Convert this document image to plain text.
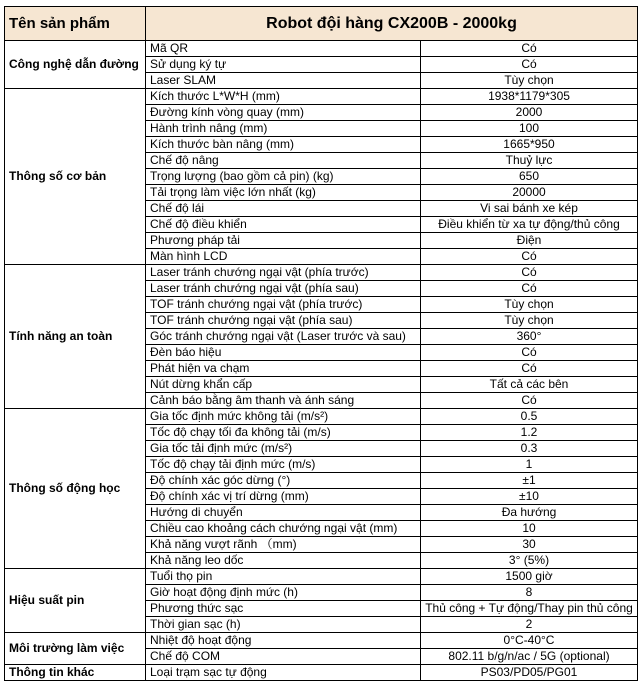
Tên sản phẩm	Robot đội hàng CX200B - 2000kg	
Công nghệ dẫn đường	Mã QR	Có
	Sử dụng ký tự	Có
	Laser SLAM	Tùy chọn
Thông số cơ bản	Kích thước L*W*H (mm)	1938*1179*305
	Đường kính vòng quay (mm)	2000
	Hành trình nâng (mm)	100
	Kích thước bàn nâng (mm)	1665*950
	Chế độ nâng	Thuỷ lực
	Trọng lượng (bao gồm cả pin) (kg)	650
	Tải trọng làm việc lớn nhất (kg)	20000
	Chế độ lái	Vi sai bánh xe kép
	Chế độ điều khiển	Điều khiển từ xa tự động/thủ công
	Phương pháp tải	Điện
	Màn hình LCD	Có
Tính năng an toàn	Laser tránh chướng ngại vật (phía trước)	Có
	Laser tránh chướng ngại vật (phía sau)	Có
	TOF tránh chướng ngại vật (phía trước)	Tùy chọn
	TOF tránh chướng ngại vật (phía sau)	Tùy chọn
	Góc tránh chướng ngại vật (Laser trước và sau)	360°
	Đèn báo hiệu	Có
	Phát hiện va chạm	Có
	Nút dừng khẩn cấp	Tất cả các bên
	Cảnh báo bằng âm thanh và ánh sáng	Có
Thông số động học	Gia tốc định mức không tải (m/s²)	0.5
	Tốc độ chạy tối đa không tải (m/s)	1.2
	Gia tốc tải định mức (m/s²)	0.3
	Tốc độ chạy tải định mức (m/s)	1
	Độ chính xác góc dừng (°)	±1
	Độ chính xác vị trí dừng (mm)	±10
	Hướng di chuyển	Đa hướng
	Chiều cao khoảng cách chướng ngại vật (mm)	10
	Khả năng vượt rãnh （mm)	30
	Khả năng leo dốc	3° (5%)
Hiệu suất pin	Tuổi thọ pin	1500 giờ
	Giờ hoạt động định mức (h)	8
	Phương thức sạc	Thủ công + Tự động/Thay pin thủ công
	Thời gian sạc (h)	2
Môi trường làm việc	Nhiệt độ hoạt động	0°C-40°C
	Chế độ COM	802.11 b/g/n/ac / 5G (optional)
Thông tin khác	Loại trạm sạc tự động	PS03/PD05/PG01
